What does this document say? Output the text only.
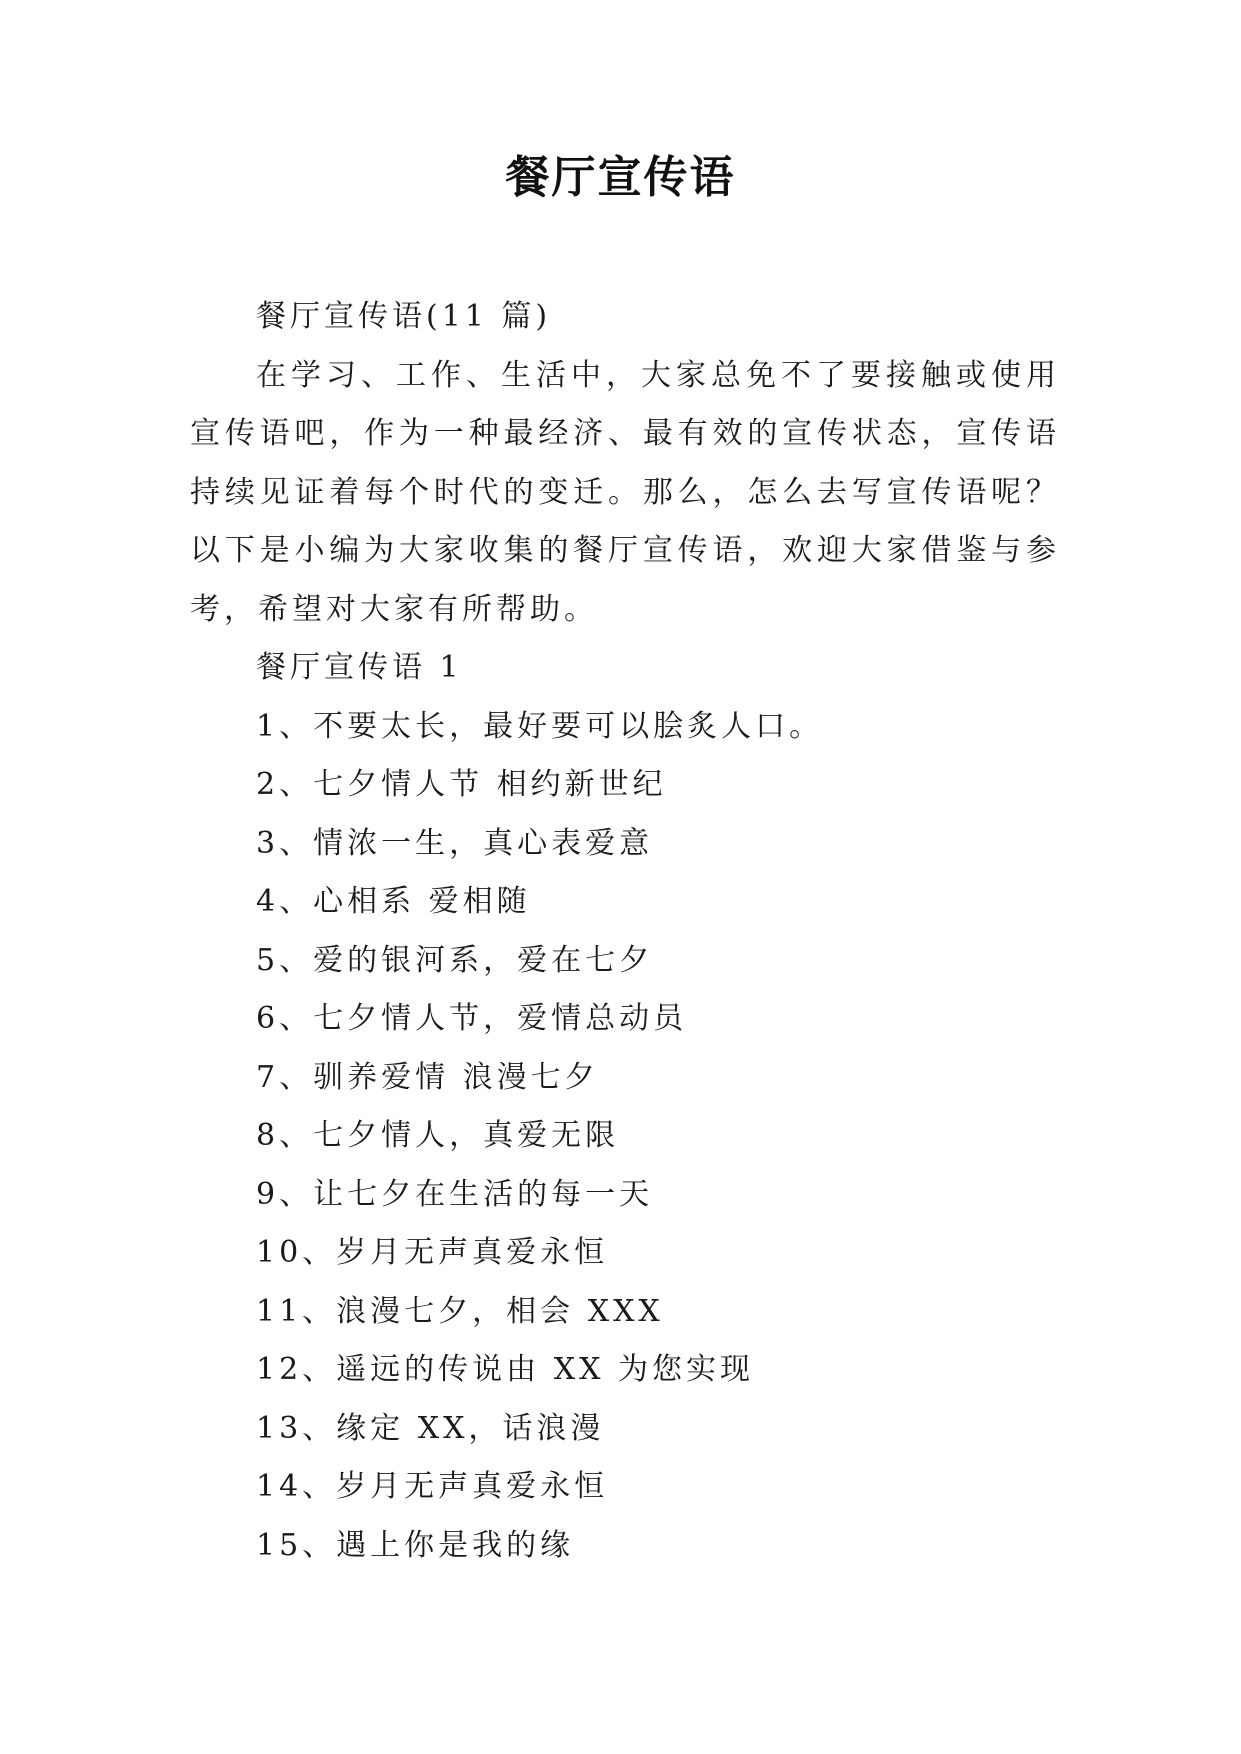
餐厅宣传语

餐厅宣传语(11 篇)

在学习、工作、生活中，大家总免不了要接触或使用宣传语吧，作为一种最经济、最有效的宣传状态，宣传语持续见证着每个时代的变迁。那么，怎么去写宣传语呢？以下是小编为大家收集的餐厅宣传语，欢迎大家借鉴与参考，希望对大家有所帮助。

餐厅宣传语 1

1、不要太长，最好要可以脍炙人口。

2、七夕情人节 相约新世纪

3、情浓一生，真心表爱意

4、心相系 爱相随

5、爱的银河系，爱在七夕

6、七夕情人节，爱情总动员

7、驯养爱情 浪漫七夕

8、七夕情人，真爱无限

9、让七夕在生活的每一天

10、岁月无声真爱永恒

11、浪漫七夕，相会 XXX

12、遥远的传说由 XX 为您实现

13、缘定 XX，话浪漫

14、岁月无声真爱永恒

15、遇上你是我的缘
